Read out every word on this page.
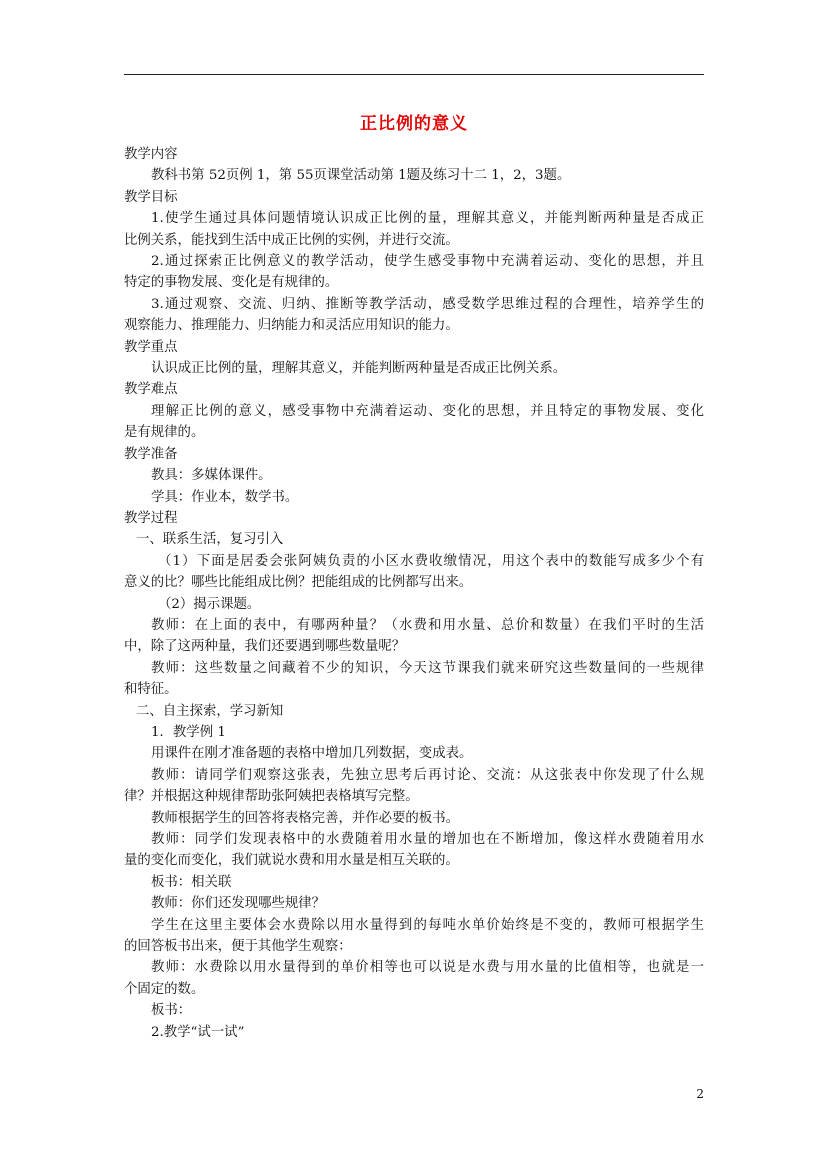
正比例的意义
教学内容
教科书第 52页例 1，第 55页课堂活动第 1题及练习十二 1，2，3题。
教学目标
1.使学生通过具体问题情境认识成正比例的量，理解其意义，并能判断两种量是否成正
比例关系，能找到生活中成正比例的实例，并进行交流。
2.通过探索正比例意义的教学活动，使学生感受事物中充满着运动、变化的思想，并且
特定的事物发展、变化是有规律的。
3.通过观察、交流、归纳、推断等教学活动，感受数学思维过程的合理性，培养学生的
观察能力、推理能力、归纳能力和灵活应用知识的能力。
教学重点
认识成正比例的量，理解其意义，并能判断两种量是否成正比例关系。
教学难点
理解正比例的意义，感受事物中充满着运动、变化的思想，并且特定的事物发展、变化
是有规律的。
教学准备
教具：多媒体课件。
学具：作业本，数学书。
教学过程
一、联系生活，复习引入
（1）下面是居委会张阿姨负责的小区水费收缴情况，用这个表中的数能写成多少个有
意义的比？哪些比能组成比例？把能组成的比例都写出来。
（2）揭示课题。
教师：在上面的表中，有哪两种量？（水费和用水量、总价和数量）在我们平时的生活
中，除了这两种量，我们还要遇到哪些数量呢？
教师：这些数量之间藏着不少的知识，今天这节课我们就来研究这些数量间的一些规律
和特征。
二、自主探索，学习新知
1．教学例 1
用课件在刚才准备题的表格中增加几列数据，变成表。
教师：请同学们观察这张表，先独立思考后再讨论、交流：从这张表中你发现了什么规
律？并根据这种规律帮助张阿姨把表格填写完整。
教师根据学生的回答将表格完善，并作必要的板书。
教师：同学们发现表格中的水费随着用水量的增加也在不断增加，像这样水费随着用水
量的变化而变化，我们就说水费和用水量是相互关联的。
板书：相关联
教师：你们还发现哪些规律？
学生在这里主要体会水费除以用水量得到的每吨水单价始终是不变的，教师可根据学生
的回答板书出来，便于其他学生观察：
教师：水费除以用水量得到的单价相等也可以说是水费与用水量的比值相等，也就是一
个固定的数。
板书：
2.教学“试一试”
2
